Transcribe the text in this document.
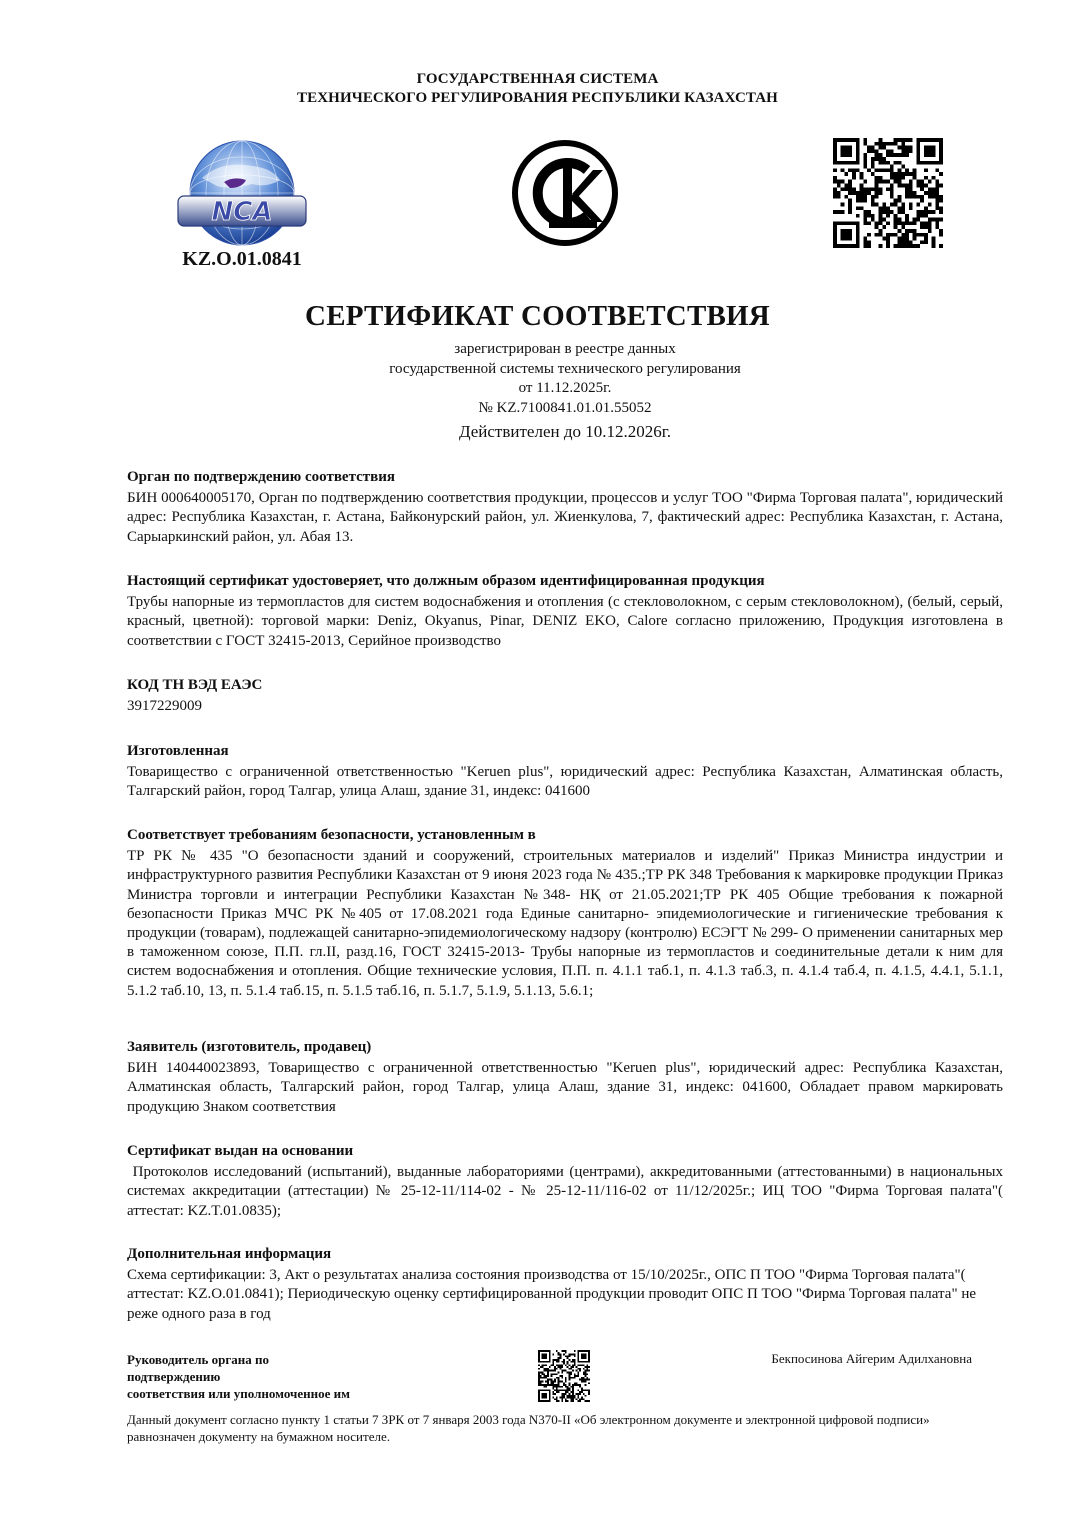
ГОСУДАРСТВЕННАЯ СИСТЕМА
ТЕХНИЧЕСКОГО РЕГУЛИРОВАНИЯ РЕСПУБЛИКИ КАЗАХСТАН
NCA
KZ.O.01.0841
СЕРТИФИКАТ СООТВЕТСТВИЯ
зарегистрирован в реестре данных
государственной системы технического регулирования
от 11.12.2025г.
№ KZ.7100841.01.01.55052
Действителен до 10.12.2026г.
Орган по подтверждению соответствия

БИН 000640005170, Орган по подтверждению соответствия продукции, процессов и услуг ТОО "Фирма Торговая палата", юридический адрес: Республика Казахстан, г. Астана, Байконурский район, ул. Жиенкулова, 7, фактический адрес: Республика Казахстан, г. Астана, Сарыаркинский район, ул. Абая 13.

Настоящий сертификат удостоверяет, что должным образом идентифицированная продукция

Трубы напорные из термопластов для систем водоснабжения и отопления (с стекловолокном, с серым стекловолокном), (белый, серый, красный, цветной): торговой марки: Deniz, Okyanus, Pinar, DENIZ EKO, Calore согласно приложению, Продукция изготовлена в соответствии с ГОСТ 32415-2013, Серийное производство

КОД ТН ВЭД ЕАЭС

3917229009

Изготовленная

Товарищество с ограниченной ответственностью "Keruen plus", юридический адрес: Республика Казахстан, Алматинская область, Талгарский район, город Талгар, улица Алаш, здание 31, индекс: 041600

Соответствует требованиям безопасности, установленным в

ТР РК № 435 "О безопасности зданий и сооружений, строительных материалов и изделий" Приказ Министра индустрии и инфраструктурного развития Республики Казахстан от 9 июня 2023 года № 435.;ТР РК 348 Требования к маркировке продукции Приказ Министра торговли и интеграции Республики Казахстан №348- НҚ от 21.05.2021;ТР РК 405 Общие требования к пожарной безопасности Приказ МЧС РК №405 от 17.08.2021 года Единые санитарно- эпидемиологические и гигиенические требования к продукции (товарам), подлежащей санитарно-эпидемиологическому надзору (контролю) ЕСЭГТ № 299- О применении санитарных мер в таможенном союзе, П.П. гл.II, разд.16, ГОСТ 32415-2013- Трубы напорные из термопластов и соединительные детали к ним для систем водоснабжения и отопления. Общие технические условия, П.П. п. 4.1.1 таб.1, п. 4.1.3 таб.3, п. 4.1.4 таб.4, п. 4.1.5, 4.4.1, 5.1.1, 5.1.2 таб.10, 13, п. 5.1.4 таб.15, п. 5.1.5 таб.16, п. 5.1.7, 5.1.9, 5.1.13, 5.6.1;

Заявитель (изготовитель, продавец)

БИН 140440023893, Товарищество с ограниченной ответственностью "Keruen plus", юридический адрес: Республика Казахстан, Алматинская область, Талгарский район, город Талгар, улица Алаш, здание 31, индекс: 041600, Обладает правом маркировать продукцию Знаком соответствия

Сертификат выдан на основании

Протоколов исследований (испытаний), выданные лабораториями (центрами), аккредитованными (аттестованными) в национальных системах аккредитации (аттестации) № 25-12-11/114-02 - № 25-12-11/116-02 от 11/12/2025г.; ИЦ ТОО "Фирма Торговая палата"( аттестат: KZ.T.01.0835);

Дополнительная информация

Схема сертификации: 3, Акт о результатах анализа состояния производства от 15/10/2025г., ОПС П ТОО "Фирма Торговая палата"( аттестат: KZ.O.01.0841); Периодическую оценку сертифицированной продукции проводит ОПС П ТОО "Фирма Торговая палата" не реже одного раза в год

Руководитель органа по
подтверждению
соответствия или уполномоченное им
Бекпосинова Айгерим Адилхановна
Данный документ согласно пункту 1 статьи 7 ЗРК от 7 января 2003 года N370-II «Об электронном документе и электронной цифровой подписи» равнозначен документу на бумажном носителе.
